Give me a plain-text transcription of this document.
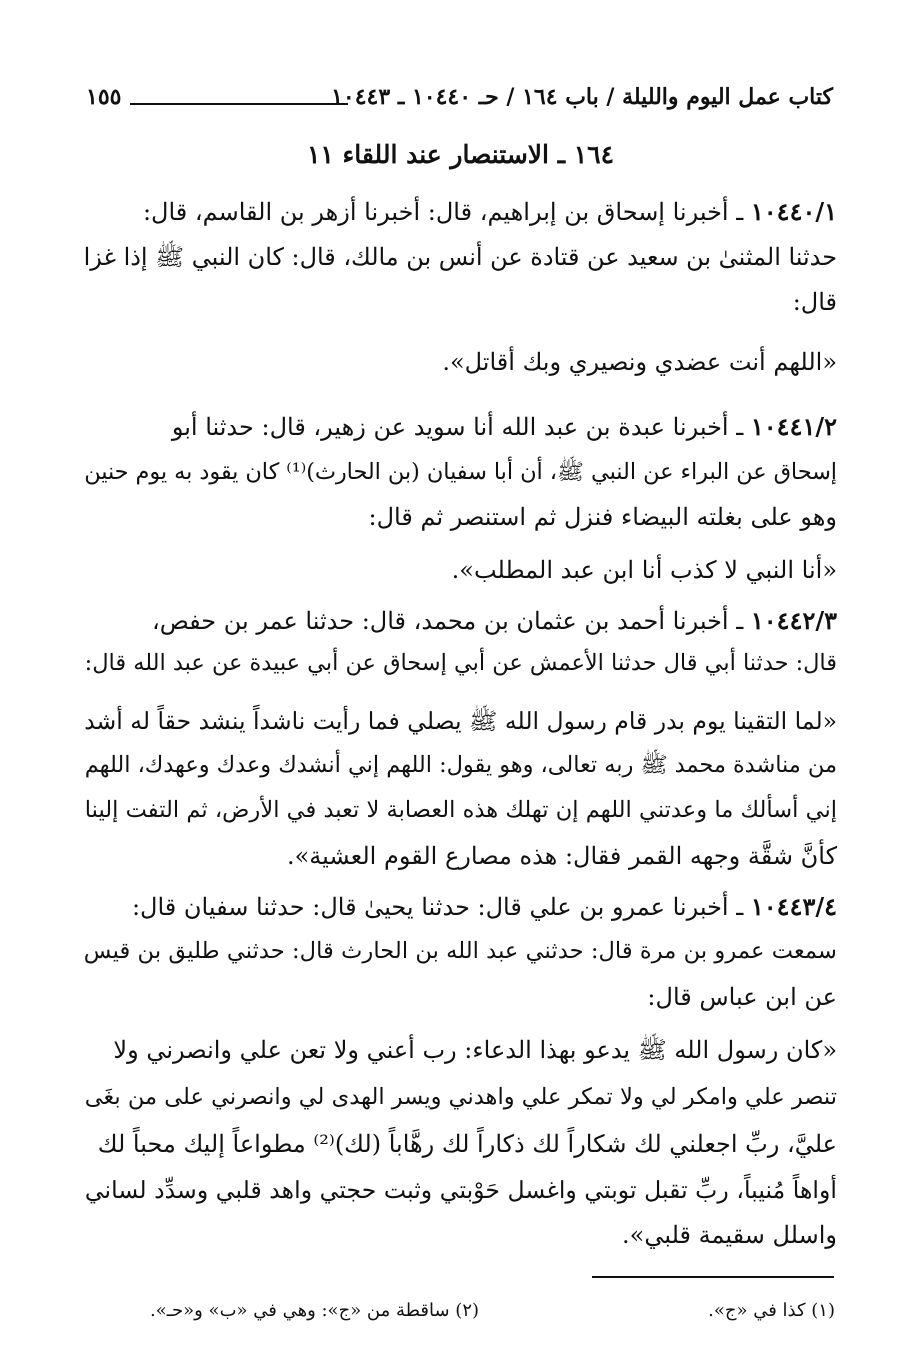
كتاب عمل اليوم والليلة / باب ١٦٤ / حـ ١٠٤٤٠ ـ ١٠٤٤٣
١٥٥
١٦٤ ـ الاستنصار عند اللقاء ١١
١٠٤٤٠/١ ـ أخبرنا إسحاق بن إبراهيم، قال: أخبرنا أزهر بن القاسم، قال:
حدثنا المثنىٰ بن سعيد عن قتادة عن أنس بن مالك، قال: كان النبي ﷺ إذا غزا
قال:
«اللهم أنت عضدي ونصيري وبك أقاتل».
١٠٤٤١/٢ ـ أخبرنا عبدة بن عبد الله أنا سويد عن زهير، قال: حدثنا أبو
إسحاق عن البراء عن النبي ﷺ، أن أبا سفيان (بن الحارث)⁽¹⁾ كان يقود به يوم حنين
وهو على بغلته البيضاء فنزل ثم استنصر ثم قال:
«أنا النبي لا كذب أنا ابن عبد المطلب».
١٠٤٤٢/٣ ـ أخبرنا أحمد بن عثمان بن محمد، قال: حدثنا عمر بن حفص،
قال: حدثنا أبي قال حدثنا الأعمش عن أبي إسحاق عن أبي عبيدة عن عبد الله قال:
«لما التقينا يوم بدر قام رسول الله ﷺ يصلي فما رأيت ناشداً ينشد حقاً له أشد
من مناشدة محمد ﷺ ربه تعالى، وهو يقول: اللهم إني أنشدك وعدك وعهدك، اللهم
إني أسألك ما وعدتني اللهم إن تهلك هذه العصابة لا تعبد في الأرض، ثم التفت إلينا
كأنَّ شقَّة وجهه القمر فقال: هذه مصارع القوم العشية».
١٠٤٤٣/٤ ـ أخبرنا عمرو بن علي قال: حدثنا يحيىٰ قال: حدثنا سفيان قال:
سمعت عمرو بن مرة قال: حدثني عبد الله بن الحارث قال: حدثني طليق بن قيس
عن ابن عباس قال:
«كان رسول الله ﷺ يدعو بهذا الدعاء: رب أعني ولا تعن علي وانصرني ولا
تنصر علي وامكر لي ولا تمكر علي واهدني ويسر الهدى لي وانصرني على من بغَى
عليَّ، ربِّ اجعلني لك شكاراً لك ذكاراً لك رهَّاباً (لك)⁽²⁾ مطواعاً إليك محباً لك
أواهاً مُنيباً، ربِّ تقبل توبتي واغسل حَوْبتي وثبت حجتي واهد قلبي وسدِّد لساني
واسلل سقيمة قلبي».
(١) كذا في «ج».
(٢) ساقطة من «ج»: وهي في «ب» و«حـ».
